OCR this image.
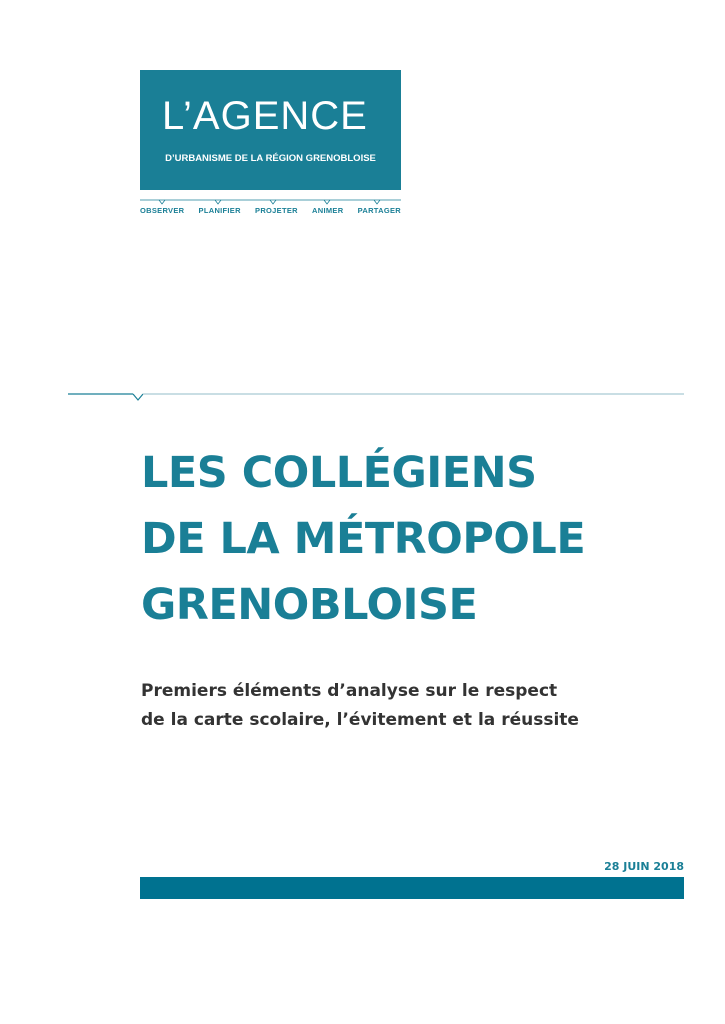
L’AGENCE
D’URBANISME DE LA RÉGION GRENOBLOISE
OBSERVER PLANIFIER PROJETER ANIMER PARTAGER
LES COLLÉGIENS
DE LA MÉTROPOLE
GRENOBLOISE

Premiers éléments d’analyse sur le respect
de la carte scolaire, l’évitement et la réussite

28 JUIN 2018
